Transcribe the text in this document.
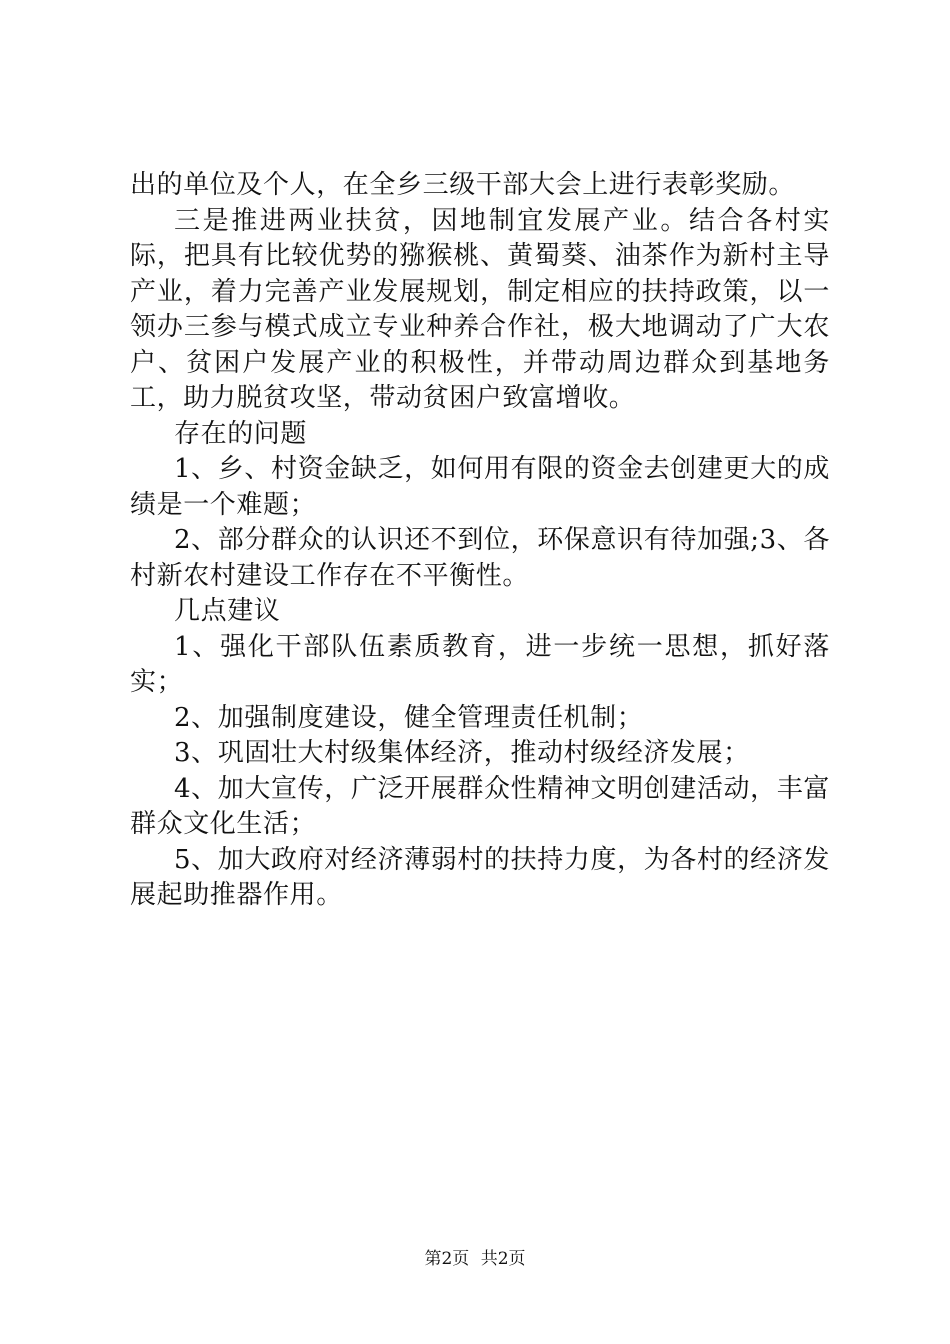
出的单位及个人，在全乡三级干部大会上进行表彰奖励。

三是推进两业扶贫，因地制宜发展产业。结合各村实际，把具有比较优势的猕猴桃、黄蜀葵、油茶作为新村主导产业，着力完善产业发展规划，制定相应的扶持政策，以一领办三参与模式成立专业种养合作社，极大地调动了广大农户、贫困户发展产业的积极性，并带动周边群众到基地务工，助力脱贫攻坚，带动贫困户致富增收。

存在的问题

1、乡、村资金缺乏，如何用有限的资金去创建更大的成绩是一个难题；

2、部分群众的认识还不到位，环保意识有待加强;3、各村新农村建设工作存在不平衡性。

几点建议

1、强化干部队伍素质教育，进一步统一思想，抓好落实；

2、加强制度建设，健全管理责任机制；

3、巩固壮大村级集体经济，推动村级经济发展；

4、加大宣传，广泛开展群众性精神文明创建活动，丰富群众文化生活；

5、加大政府对经济薄弱村的扶持力度，为各村的经济发展起助推器作用。

第2页 共2页
